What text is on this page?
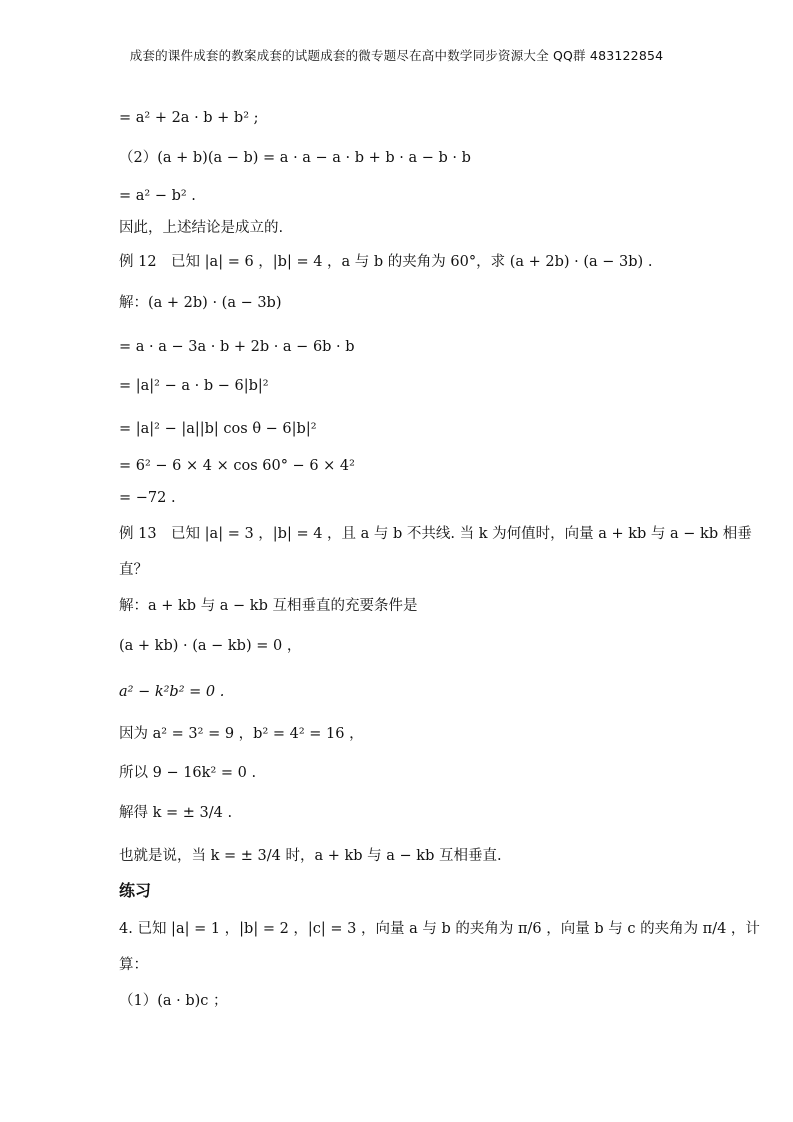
成套的课件成套的教案成套的试题成套的微专题尽在高中数学同步资源大全 QQ群 483122854
= a² + 2a · b + b² ;
（2）(a + b)(a − b) = a · a − a · b + b · a − b · b
= a² − b² .
因此，上述结论是成立的.
例 12　已知 |a| = 6 ，|b| = 4 ，a 与 b 的夹角为 60°，求 (a + 2b) · (a − 3b) .
解：(a + 2b) · (a − 3b)
= a · a − 3a · b + 2b · a − 6b · b
= |a|² − a · b − 6|b|²
= |a|² − |a||b| cos θ − 6|b|²
= 6² − 6 × 4 × cos 60° − 6 × 4²
= −72 .
例 13　已知 |a| = 3 ，|b| = 4 ，且 a 与 b 不共线. 当 k 为何值时，向量 a + kb 与 a − kb 相垂
直？
解：a + kb 与 a − kb 互相垂直的充要条件是
(a + kb) · (a − kb) = 0 ，
a² − k²b² = 0 .
因为 a² = 3² = 9 ，b² = 4² = 16 ，
所以 9 − 16k² = 0 .
解得 k = ± 3/4 .
也就是说，当 k = ± 3/4 时，a + kb 与 a − kb 互相垂直.
练习
4. 已知 |a| = 1 ，|b| = 2 ，|c| = 3 ，向量 a 与 b 的夹角为 π/6 ，向量 b 与 c 的夹角为 π/4 ，计
算：
（1）(a · b)c ；
